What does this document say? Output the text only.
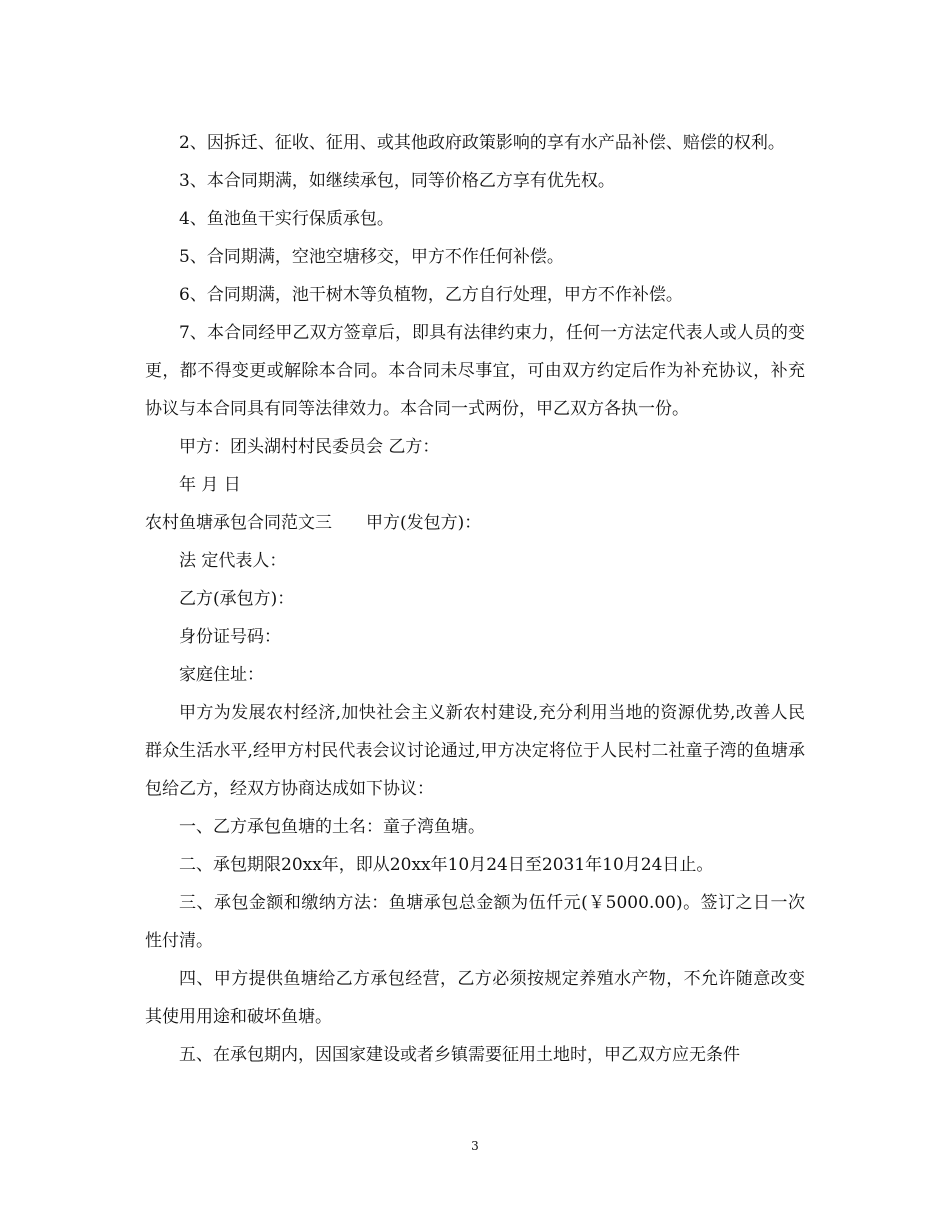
2、因拆迁、征收、征用、或其他政府政策影响的享有水产品补偿、赔偿的权利。

3、本合同期满，如继续承包，同等价格乙方享有优先权。

4、鱼池鱼干实行保质承包。

5、合同期满，空池空塘移交，甲方不作任何补偿。

6、合同期满，池干树木等负植物，乙方自行处理，甲方不作补偿。

7、本合同经甲乙双方签章后，即具有法律约束力，任何一方法定代表人或人员的变更，都不得变更或解除本合同。本合同未尽事宜，可由双方约定后作为补充协议，补充协议与本合同具有同等法律效力。本合同一式两份，甲乙双方各执一份。

甲方：团头湖村村民委员会 乙方：

年 月 日

农村鱼塘承包合同范文三　　甲方(发包方)：

法 定代表人：

乙方(承包方)：

身份证号码：

家庭住址：

甲方为发展农村经济,加快社会主义新农村建设,充分利用当地的资源优势,改善人民群众生活水平,经甲方村民代表会议讨论通过,甲方决定将位于人民村二社童子湾的鱼塘承包给乙方，经双方协商达成如下协议：

一、乙方承包鱼塘的土名：童子湾鱼塘。

二、承包期限20xx年，即从20xx年10月24日至2031年10月24日止。

三、承包金额和缴纳方法：鱼塘承包总金额为伍仟元(￥5000.00)。签订之日一次性付清。

四、甲方提供鱼塘给乙方承包经营，乙方必须按规定养殖水产物，不允许随意改变其使用用途和破坏鱼塘。

五、在承包期内，因国家建设或者乡镇需要征用土地时，甲乙双方应无条件

3
